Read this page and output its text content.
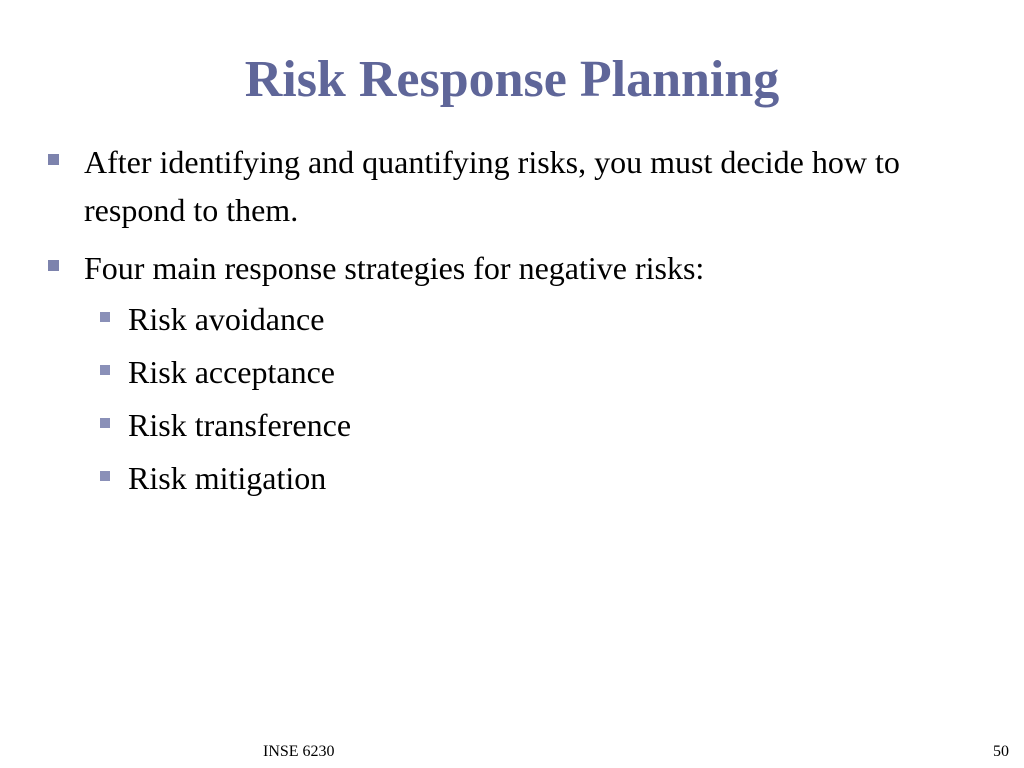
Risk Response Planning
After identifying and quantifying risks, you must decide how to respond to them.
Four main response strategies for negative risks:
Risk avoidance
Risk acceptance
Risk transference
Risk mitigation
INSE 6230	50
